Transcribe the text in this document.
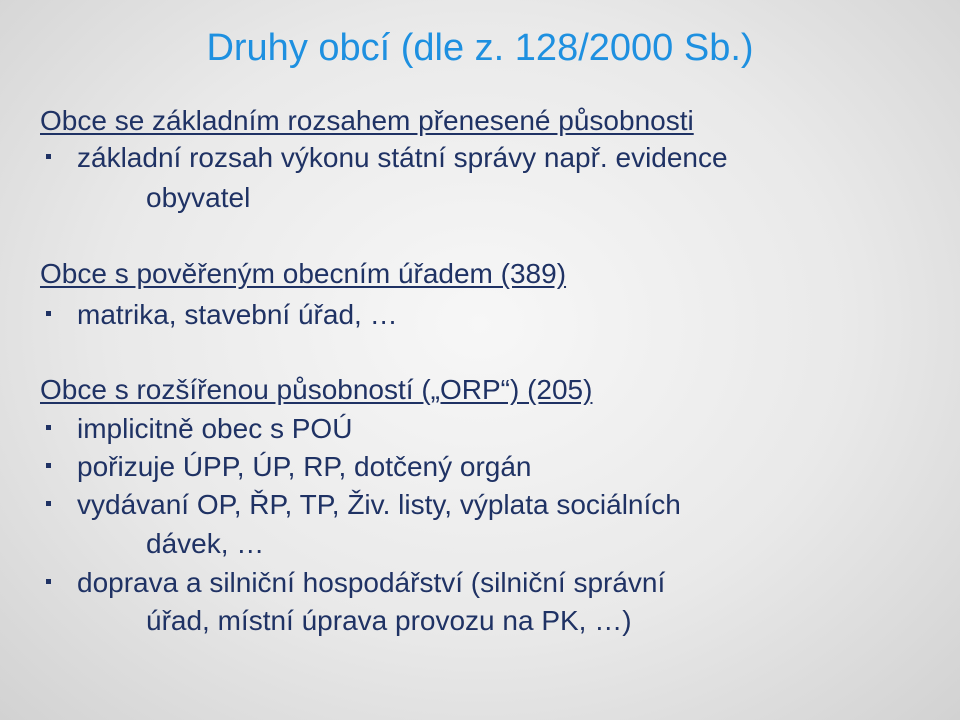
Druhy obcí (dle z. 128/2000 Sb.)
Obce se základním rozsahem přenesené působnosti
základní rozsah výkonu státní správy např. evidence
obyvatel
Obce s pověřeným obecním úřadem (389)
matrika, stavební úřad, …
Obce s rozšířenou působností („ORP“) (205)
implicitně obec s POÚ
pořizuje ÚPP, ÚP, RP, dotčený orgán
vydávaní OP, ŘP, TP, Živ. listy, výplata sociálních
dávek, …
doprava a silniční hospodářství (silniční správní
úřad, místní úprava provozu na PK, …)
